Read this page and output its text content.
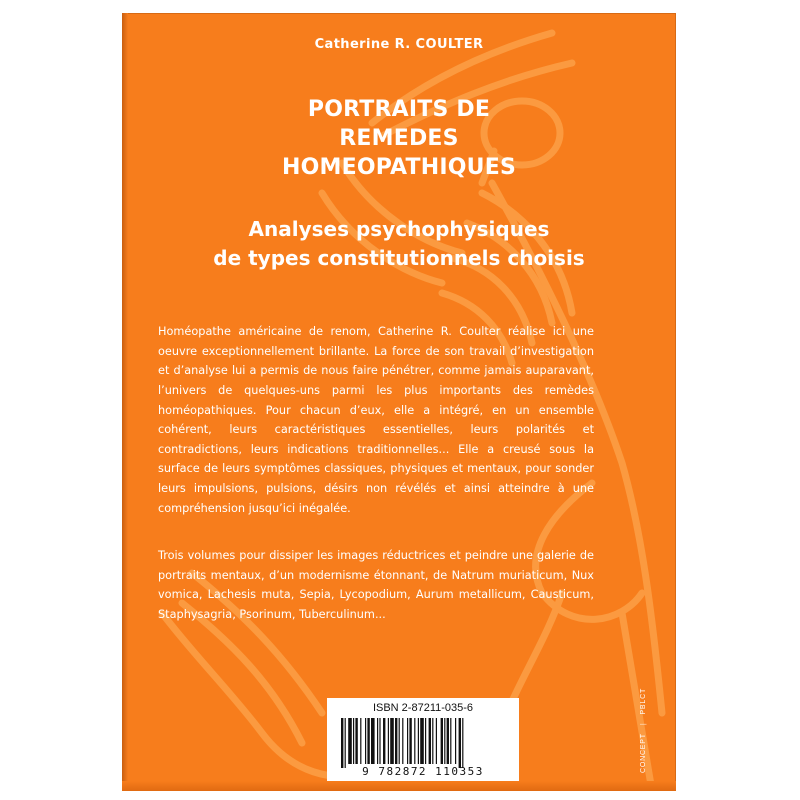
Catherine R. COULTER
PORTRAITS DE
REMEDES
HOMEOPATHIQUES
Analyses psychophysiques
de types constitutionnels choisis

Homéopathe américaine de renom, Catherine R. Coulter réalise ici une oeuvre exceptionnellement brillante. La force de son travail d’investigation et d’analyse lui a permis de nous faire pénétrer, comme jamais auparavant, l’univers de quelques-uns parmi les plus importants des remèdes homéopathiques. Pour chacun d’eux, elle a intégré, en un ensemble cohérent, leurs caractéristiques essentielles, leurs polarités et contradictions, leurs indications traditionnelles... Elle a creusé sous la surface de leurs symptômes classiques, physiques et mentaux, pour sonder leurs impulsions, pulsions, désirs non révélés et ainsi atteindre à une compréhension jusqu’ici inégalée.

Trois volumes pour dissiper les images réductrices et peindre une galerie de portraits mentaux, d’un modernisme étonnant, de Natrum muriaticum, Nux vomica, Lachesis muta, Sepia, Lycopodium, Aurum metallicum, Causticum, Staphysagria, Psorinum, Tuberculinum...

ISBN 2-87211-035-6
9 782872 110353	CONCEPT|PBLCT
